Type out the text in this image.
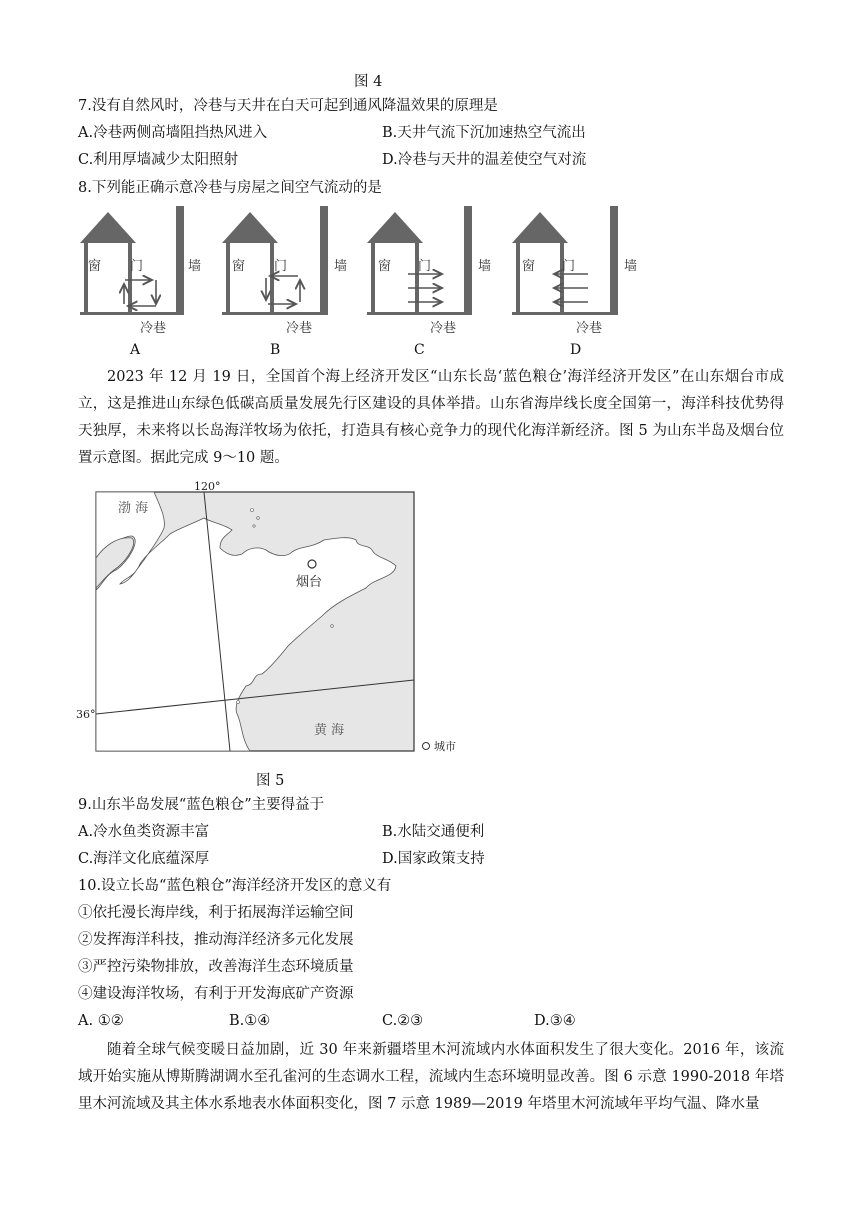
图 4
7.没有自然风时，冷巷与天井在白天可起到通风降温效果的原理是
A.冷巷两侧高墙阻挡热风进入	B.天井气流下沉加速热空气流出
C.利用厚墙减少太阳照射	D.冷巷与天井的温差使空气对流
8.下列能正确示意冷巷与房屋之间空气流动的是
窗 门	墙
冷巷
A
窗 门	墙
冷巷
B
窗 门	墙
冷巷
C
窗 门	墙
冷巷
D
2023 年 12 月 19 日，全国首个海上经济开发区“山东长岛‘蓝色粮仓’海洋经济开发区”在山东烟台市成立，这是推进山东绿色低碳高质量发展先行区建设的具体举措。山东省海岸线长度全国第一，海洋科技优势得天独厚，未来将以长岛海洋牧场为依托，打造具有核心竞争力的现代化海洋新经济。图 5 为山东半岛及烟台位置示意图。据此完成 9～10 题。
烟台
渤 海
黄 海
120°
36°
城市
图 5
9.山东半岛发展“蓝色粮仓”主要得益于
A.冷水鱼类资源丰富	B.水陆交通便利
C.海洋文化底蕴深厚	D.国家政策支持
10.设立长岛“蓝色粮仓”海洋经济开发区的意义有
①依托漫长海岸线，利于拓展海洋运输空间
②发挥海洋科技，推动海洋经济多元化发展
③严控污染物排放，改善海洋生态环境质量
④建设海洋牧场，有利于开发海底矿产资源
A. ①②	B.①④	C.②③	D.③④
随着全球气候变暖日益加剧，近 30 年来新疆塔里木河流域内水体面积发生了很大变化。2016 年，该流域开始实施从博斯腾湖调水至孔雀河的生态调水工程，流域内生态环境明显改善。图 6 示意 1990-2018 年塔里木河流域及其主体水系地表水体面积变化，图 7 示意 1989—2019 年塔里木河流域年平均气温、降水量
